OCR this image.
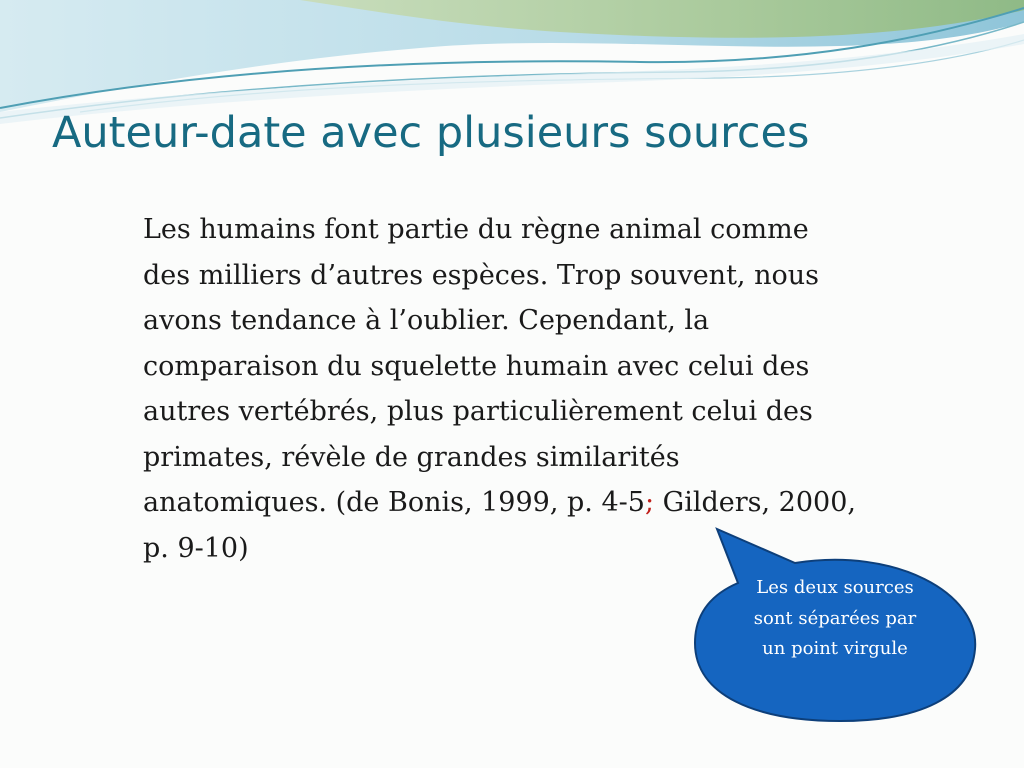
Auteur-date avec plusieurs sources
Les humains font partie du règne animal comme
des milliers d’autres espèces. Trop souvent, nous
avons tendance à l’oublier. Cependant, la
comparaison du squelette humain avec celui des
autres vertébrés, plus particulièrement celui des
primates, révèle de grandes similarités
anatomiques. (de Bonis, 1999, p. 4-5; Gilders, 2000,
p. 9-10)

Les deux sources sont séparées par un point virgule
